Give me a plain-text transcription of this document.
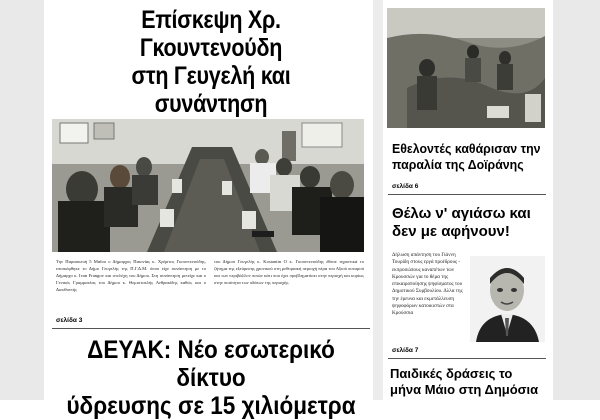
Επίσκεψη Χρ. Γκουντενούδη
στη Γευγελή και συνάντηση
Την Παρασκευή 5 Μαΐου ο Δήμαρχος Παιονίας κ. Χρήστος Γκουντενούδης, επισκέφθηκε το Δήμο Γευγελής της Π.Γ.Δ.Μ. όπου είχε συνάντηση με το Δήμαρχο κ. Ivan Frangov και στελέχη του Δήμου. Στη συνάντηση μετείχε και ο Γενικός Γραμματέας του Δήμου κ. Θεμιστοκλής Ανθρακίδης καθώς και ο Διευθυντής
του Δήμου Γευγελής κ. Kostantin Ο κ. Γκουντενούδης έθεσε τηριστικά το ζήτημα της εξεύρεσης χρονικού στη μεθοριακή περιοχή πέρα του Αξιού ποταμού και των περιβάλλον ποιών κάτι που έχει προβληματίσει στην περιοχή και κυρίως στην ποιότητα των υδάτων της περιοχής.
σελίδα 3
ΔΕΥΑΚ: Νέο εσωτερικό δίκτυο
ύδρευσης σε 15 χιλιόμετρα
Εθελοντές καθάρισαν την
παραλία της Δοϊράνης
σελίδα 6
Θέλω ν' αγιάσω και
δεν με αφήνουν!
Δήλωση απάντηση του Γιάννη Τουρίδη στους εργά προέδρους - εκπροσώπους καναπέτων των Κρουσσών για το θέμα της επικαιροποίησης ψηφίσματος του Δημοτικού Συμβουλίου. Δλλα της την έρευνα και εκμετάλλευση ψηφοφόρων κατοικιστών στα Κρούσσια
σελίδα 7
Παιδικές δράσεις το
μήνα Μάιο στη Δημόσια
